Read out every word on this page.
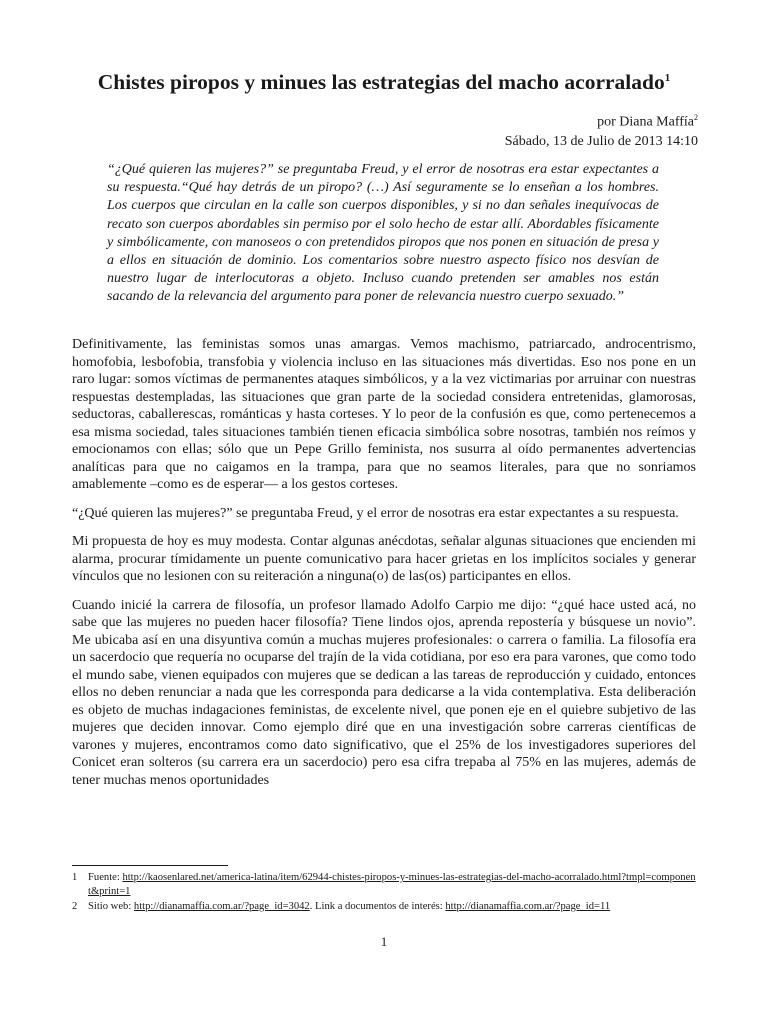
Chistes piropos y minues las estrategias del macho acorralado$^1$
por Diana Maffía$^2$
Sábado, 13 de Julio de 2013 14:10

“¿Qué quieren las mujeres?” se preguntaba Freud, y el error de nosotras era estar expectantes a su respuesta.“Qué hay detrás de un piropo? (…) Así seguramente se lo enseñan a los hombres. Los cuerpos que circulan en la calle son cuerpos disponibles, y si no dan señales inequívocas de recato son cuerpos abordables sin permiso por el solo hecho de estar allí. Abordables físicamente y simbólicamente, con manoseos o con pretendidos piropos que nos ponen en situación de presa y a ellos en situación de dominio. Los comentarios sobre nuestro aspecto físico nos desvían de nuestro lugar de interlocutoras a objeto. Incluso cuando pretenden ser amables nos están sacando de la relevancia del argumento para poner de relevancia nuestro cuerpo sexuado.”

Definitivamente, las feministas somos unas amargas. Vemos machismo, patriarcado, androcentrismo, homofobia, lesbofobia, transfobia y violencia incluso en las situaciones más divertidas. Eso nos pone en un raro lugar: somos víctimas de permanentes ataques simbólicos, y a la vez victimarias por arruinar con nuestras respuestas destempladas, las situaciones que gran parte de la sociedad considera entretenidas, glamorosas, seductoras, caballerescas, románticas y hasta corteses. Y lo peor de la confusión es que, como pertenecemos a esa misma sociedad, tales situaciones también tienen eficacia simbólica sobre nosotras, también nos reímos y emocionamos con ellas; sólo que un Pepe Grillo feminista, nos susurra al oído permanentes advertencias analíticas para que no caigamos en la trampa, para que no seamos literales, para que no sonriamos amablemente –como es de esperar— a los gestos corteses.

“¿Qué quieren las mujeres?” se preguntaba Freud, y el error de nosotras era estar expectantes a su respuesta.

Mi propuesta de hoy es muy modesta. Contar algunas anécdotas, señalar algunas situaciones que encienden mi alarma, procurar tímidamente un puente comunicativo para hacer grietas en los implícitos sociales y generar vínculos que no lesionen con su reiteración a ninguna(o) de las(os) participantes en ellos.

Cuando inicié la carrera de filosofía, un profesor llamado Adolfo Carpio me dijo: “¿qué hace usted acá, no sabe que las mujeres no pueden hacer filosofía? Tiene lindos ojos, aprenda repostería y búsquese un novio”. Me ubicaba así en una disyuntiva común a muchas mujeres profesionales: o carrera o familia. La filosofía era un sacerdocio que requería no ocuparse del trajín de la vida cotidiana, por eso era para varones, que como todo el mundo sabe, vienen equipados con mujeres que se dedican a las tareas de reproducción y cuidado, entonces ellos no deben renunciar a nada que les corresponda para dedicarse a la vida contemplativa. Esta deliberación es objeto de muchas indagaciones feministas, de excelente nivel, que ponen eje en el quiebre subjetivo de las mujeres que deciden innovar. Como ejemplo diré que en una investigación sobre carreras científicas de varones y mujeres, encontramos como dato significativo, que el 25% de los investigadores superiores del Conicet eran solteros (su carrera era un sacerdocio) pero esa cifra trepaba al 75% en las mujeres, además de tener muchas menos oportunidades

1	Fuente: http://kaosenlared.net/america-latina/item/62944-chistes-piropos-y-minues-las-estrategias-del-macho-acorralado.html?tmpl=component&print=1
2	Sitio web: http://dianamaffia.com.ar/?page_id=3042. Link a documentos de interés: http://dianamaffia.com.ar/?page_id=11
1
